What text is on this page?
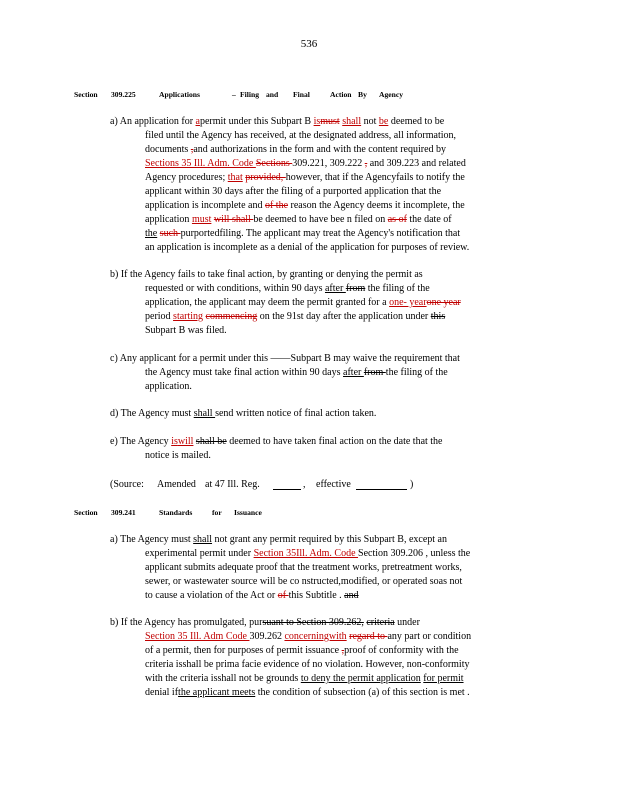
536
Section 309.225	Applications	– Filing and Final	Action By Agency
a) An application for apermit under this Subpart B ismust shall not be deemed to be
filed until the Agency has received, at the designated address, all information,
documents ,and authorizations in the form and with the content required by
Sections 35 Ill. Adm. Code Sections 309.221, 309.222 , and 309.223 and related
Agency procedures; that provided, however, that if the Agencyfails to notify the
applicant within 30 days after the filing of a purported application that the
application is incomplete and of the reason the Agency deems it incomplete, the
application must will shall be deemed to have bee n filed on as of the date of
the such purportedfiling. The applicant may treat the Agency's notification that
an application is incomplete as a denial of the application for purposes of review.
b) If the Agency fails to take final action, by granting or denying the permit as
requested or with conditions, within 90 days after from the filing of the
application, the applicant may deem the permit granted for a one- yearone year
period starting commencing on the 91st day after the application under this
Subpart B was filed.
c) Any applicant for a permit under this ——Subpart B may waive the requirement that
the Agency must take final action within 90 days after from the filing of the
application.
d) The Agency must shall send written notice of final action taken.
e) The Agency iswill shall be deemed to have taken final action on the date that the
notice is mailed.
(Source: Amended at 47 Ill. Reg.	, effective	)
Section 309.241	Standards	for Issuance
a) The Agency must shall not grant any permit required by this Subpart B, except an
experimental permit under Section 35Ill. Adm. Code Section 309.206 , unless the
applicant submits adequate proof that the treatment works, pretreatment works,
sewer, or wastewater source will be co nstructed,modified, or operated soas not
to cause a violation of the Act or of this Subtitle . and
b) If the Agency has promulgated, pursuant to Section 309.262, criteria under
Section 35 Ill. Adm Code 309.262 concerningwith regard to any part or condition
of a permit, then for purposes of permit issuance ,proof of conformity with the
criteria isshall be prima facie evidence of no violation. However, non-conformity
with the criteria isshall not be grounds to deny the permit application for permit
denial ifthe applicant meets the condition of subsection (a) of this section is met .
